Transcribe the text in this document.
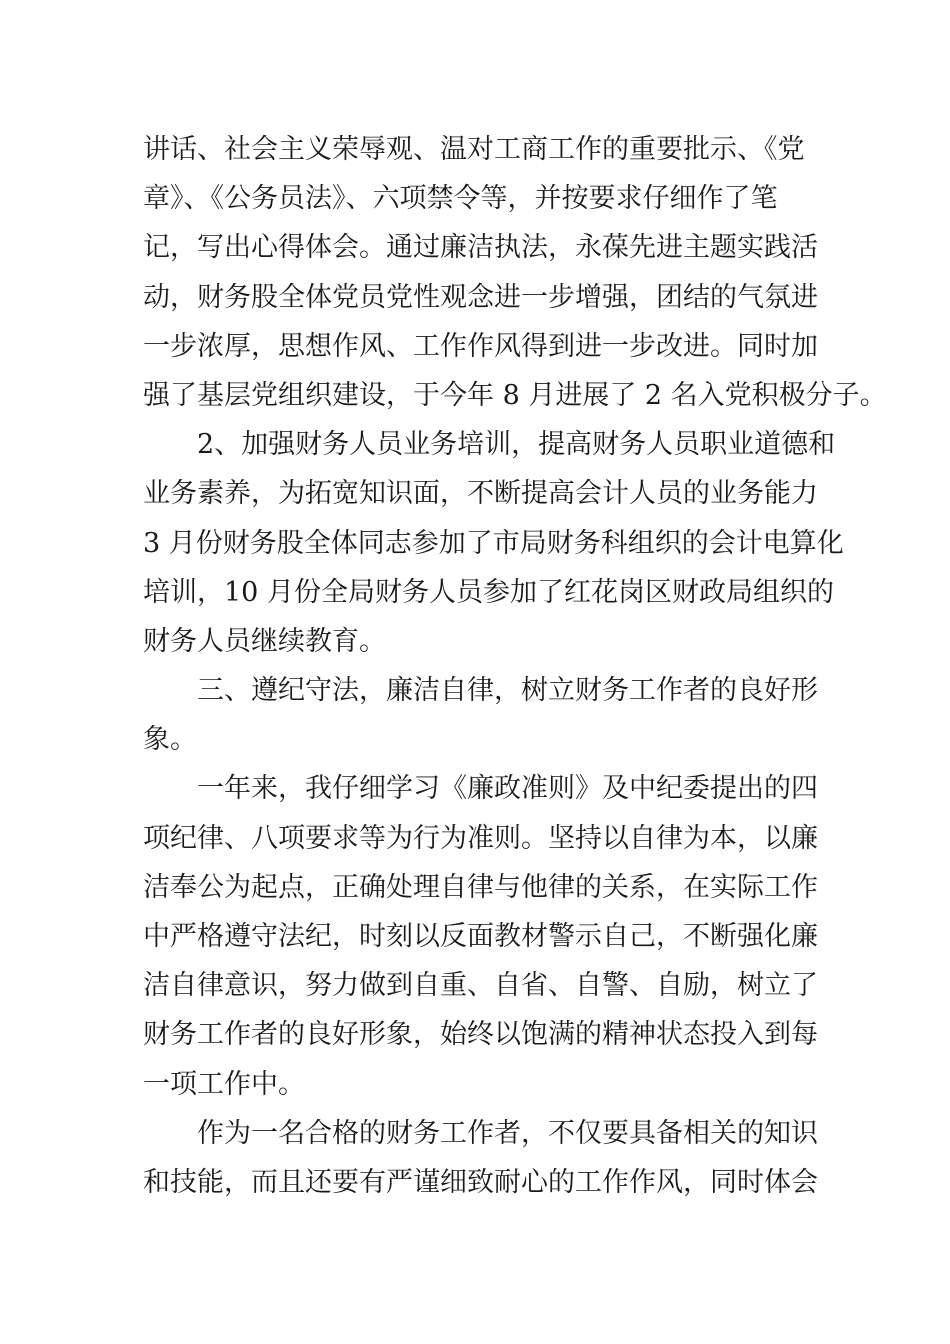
讲话、社会主义荣辱观、温对工商工作的重要批示、《党
章》、《公务员法》、六项禁令等，并按要求仔细作了笔
记，写出心得体会。通过廉洁执法，永葆先进主题实践活
动，财务股全体党员党性观念进一步增强，团结的气氛进
一步浓厚，思想作风、工作作风得到进一步改进。同时加
强了基层党组织建设，于今年 8 月进展了 2 名入党积极分子。
　　2、加强财务人员业务培训，提高财务人员职业道德和
业务素养，为拓宽知识面，不断提高会计人员的业务能力
3 月份财务股全体同志参加了市局财务科组织的会计电算化
培训，10 月份全局财务人员参加了红花岗区财政局组织的
财务人员继续教育。
　　三、遵纪守法，廉洁自律，树立财务工作者的良好形
象。
　　一年来，我仔细学习《廉政准则》及中纪委提出的四
项纪律、八项要求等为行为准则。坚持以自律为本，以廉
洁奉公为起点，正确处理自律与他律的关系，在实际工作
中严格遵守法纪，时刻以反面教材警示自己，不断强化廉
洁自律意识，努力做到自重、自省、自警、自励，树立了
财务工作者的良好形象，始终以饱满的精神状态投入到每
一项工作中。
　　作为一名合格的财务工作者，不仅要具备相关的知识
和技能，而且还要有严谨细致耐心的工作作风，同时体会
